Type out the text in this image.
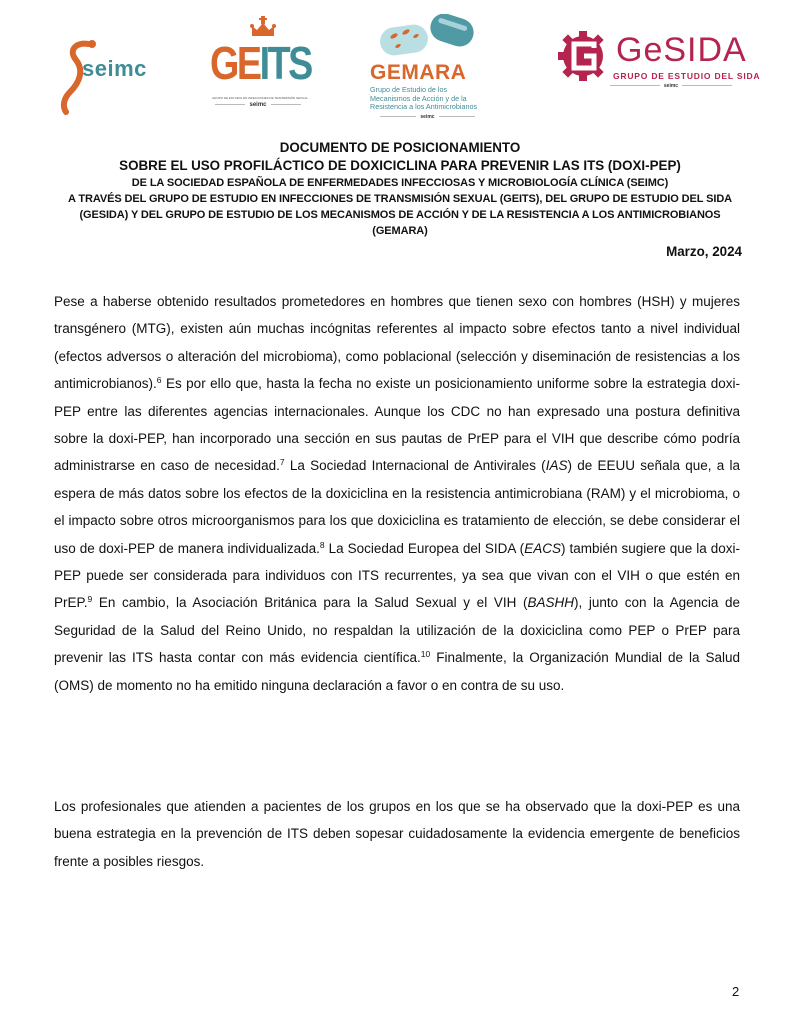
seimc GEITS
GRUPO DE ESTUDIO EN INFECCIONES DE TRANSMISIÓN SEXUAL
seimc
GEMARA
Grupo de Estudio de los
Mecanismos de Acción y de la
Resistencia a los Antimicrobianos
seimc
GeSIDA
GRUPO DE ESTUDIO DEL SIDA
seimc
DOCUMENTO DE POSICIONAMIENTO
SOBRE EL USO PROFILÁCTICO DE DOXICICLINA PARA PREVENIR LAS ITS (DOXI-PEP)
DE LA SOCIEDAD ESPAÑOLA DE ENFERMEDADES INFECCIOSAS Y MICROBIOLOGÍA CLÍNICA (SEIMC)
A TRAVÉS DEL GRUPO DE ESTUDIO EN INFECCIONES DE TRANSMISIÓN SEXUAL (GEITS), DEL GRUPO DE ESTUDIO DEL SIDA
(GESIDA) Y DEL GRUPO DE ESTUDIO DE LOS MECANISMOS DE ACCIÓN Y DE LA RESISTENCIA A LOS ANTIMICROBIANOS
(GEMARA)
Marzo, 2024
Pese a haberse obtenido resultados prometedores en hombres que tienen sexo con hombres (HSH) y mujeres transgénero (MTG), existen aún muchas incógnitas referentes al impacto sobre efectos tanto a nivel individual (efectos adversos o alteración del microbioma), como poblacional (selección y diseminación de resistencias a los antimicrobianos).$^6$ Es por ello que, hasta la fecha no existe un posicionamiento uniforme sobre la estrategia doxi-PEP entre las diferentes agencias internacionales. Aunque los CDC no han expresado una postura definitiva sobre la doxi-PEP, han incorporado una sección en sus pautas de PrEP para el VIH que describe cómo podría administrarse en caso de necesidad.$^7$ La Sociedad Internacional de Antivirales (IAS) de EEUU señala que, a la espera de más datos sobre los efectos de la doxiciclina en la resistencia antimicrobiana (RAM) y el microbioma, o el impacto sobre otros microorganismos para los que doxiciclina es tratamiento de elección, se debe considerar el uso de doxi-PEP de manera individualizada.$^8$ La Sociedad Europea del SIDA (EACS) también sugiere que la doxi-PEP puede ser considerada para individuos con ITS recurrentes, ya sea que vivan con el VIH o que estén en PrEP.$^9$ En cambio, la Asociación Británica para la Salud Sexual y el VIH (BASHH), junto con la Agencia de Seguridad de la Salud del Reino Unido, no respaldan la utilización de la doxiciclina como PEP o PrEP para prevenir las ITS hasta contar con más evidencia científica.$^{10}$ Finalmente, la Organización Mundial de la Salud (OMS) de momento no ha emitido ninguna declaración a favor o en contra de su uso.
Los profesionales que atienden a pacientes de los grupos en los que se ha observado que la doxi-PEP es una buena estrategia en la prevención de ITS deben sopesar cuidadosamente la evidencia emergente de beneficios frente a posibles riesgos.
2
